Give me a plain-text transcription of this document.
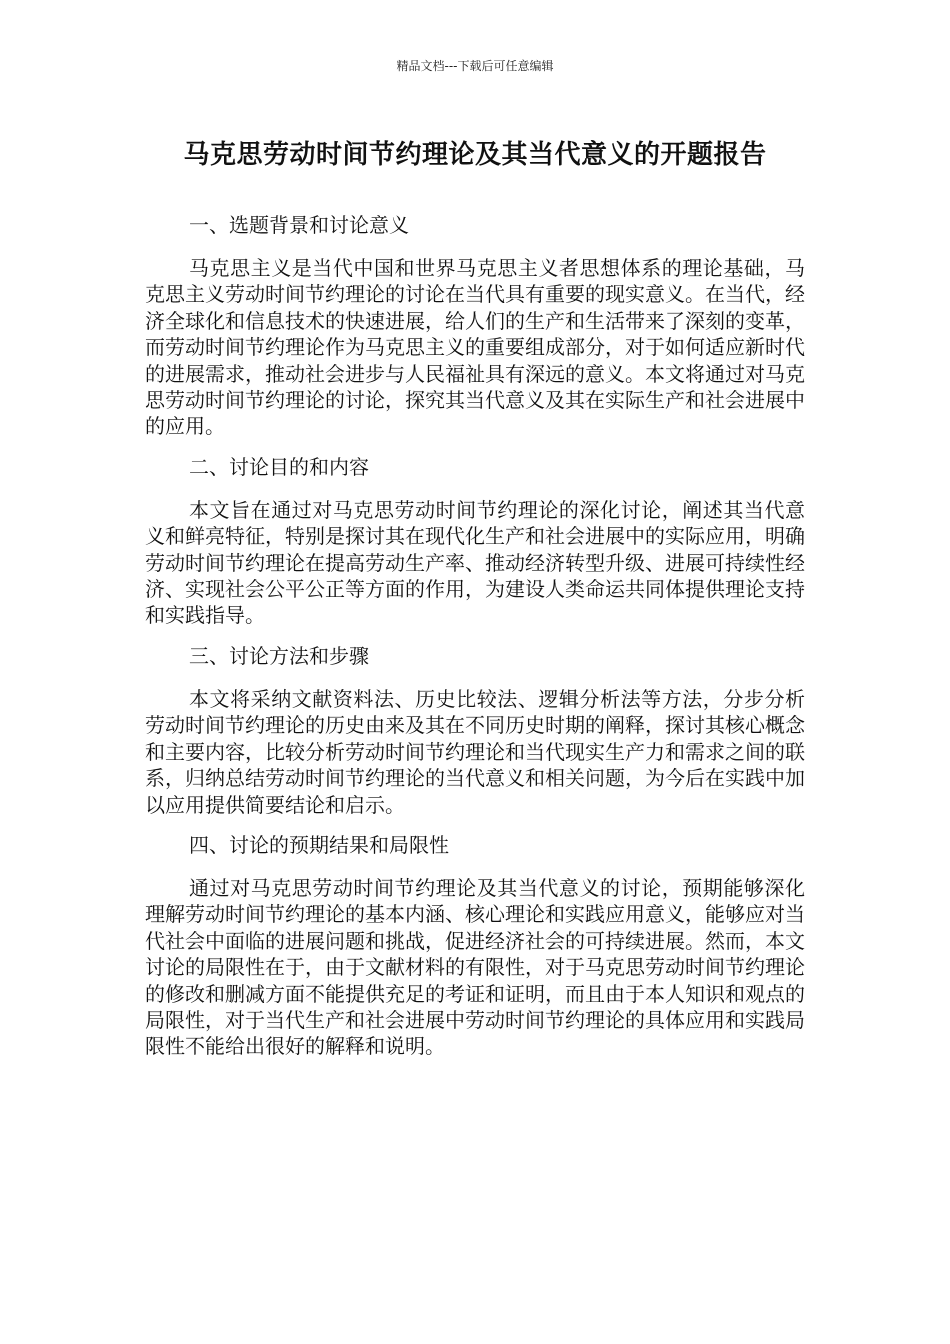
精品文档---下载后可任意编辑
马克思劳动时间节约理论及其当代意义的开题报告
一、选题背景和讨论意义

马克思主义是当代中国和世界马克思主义者思想体系的理论基础，马克思主义劳动时间节约理论的讨论在当代具有重要的现实意义。在当代，经济全球化和信息技术的快速进展，给人们的生产和生活带来了深刻的变革，而劳动时间节约理论作为马克思主义的重要组成部分，对于如何适应新时代的进展需求，推动社会进步与人民福祉具有深远的意义。本文将通过对马克思劳动时间节约理论的讨论，探究其当代意义及其在实际生产和社会进展中的应用。

二、讨论目的和内容

本文旨在通过对马克思劳动时间节约理论的深化讨论，阐述其当代意义和鲜亮特征，特别是探讨其在现代化生产和社会进展中的实际应用，明确劳动时间节约理论在提高劳动生产率、推动经济转型升级、进展可持续性经济、实现社会公平公正等方面的作用，为建设人类命运共同体提供理论支持和实践指导。

三、讨论方法和步骤

本文将采纳文献资料法、历史比较法、逻辑分析法等方法，分步分析劳动时间节约理论的历史由来及其在不同历史时期的阐释，探讨其核心概念和主要内容，比较分析劳动时间节约理论和当代现实生产力和需求之间的联系，归纳总结劳动时间节约理论的当代意义和相关问题，为今后在实践中加以应用提供简要结论和启示。

四、讨论的预期结果和局限性

通过对马克思劳动时间节约理论及其当代意义的讨论，预期能够深化理解劳动时间节约理论的基本内涵、核心理论和实践应用意义，能够应对当代社会中面临的进展问题和挑战，促进经济社会的可持续进展。然而，本文讨论的局限性在于，由于文献材料的有限性，对于马克思劳动时间节约理论的修改和删减方面不能提供充足的考证和证明，而且由于本人知识和观点的局限性，对于当代生产和社会进展中劳动时间节约理论的具体应用和实践局限性不能给出很好的解释和说明。
